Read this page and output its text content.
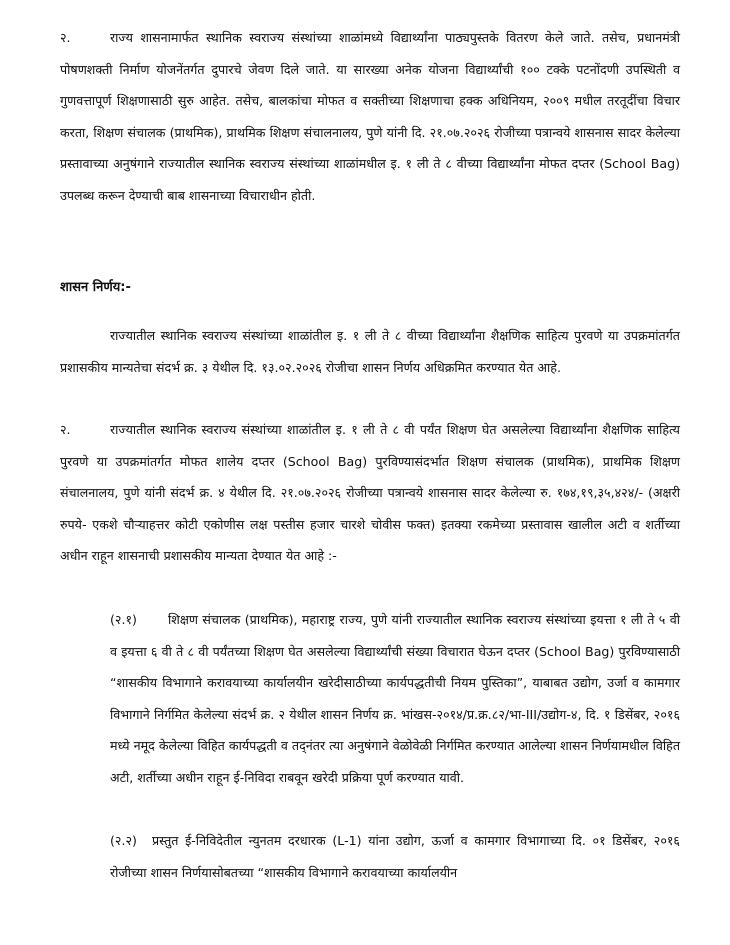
२.	राज्य शासनामार्फत स्थानिक स्वराज्य संस्थांच्या शाळांमध्ये विद्यार्थ्यांना पाठ्यपुस्तके वितरण केले जाते. तसेच, प्रधानमंत्री पोषणशक्ती निर्माण योजनेंतर्गत दुपारचे जेवण दिले जाते. या सारख्या अनेक योजना विद्यार्थ्यांची १०० टक्के पटनोंदणी उपस्थिती व गुणवत्तापूर्ण शिक्षणासाठी सुरु आहेत. तसेच, बालकांचा मोफत व सक्तीच्या शिक्षणाचा हक्क अधिनियम, २००९ मधील तरतूदींचा विचार करता, शिक्षण संचालक (प्राथमिक), प्राथमिक शिक्षण संचालनालय, पुणे यांनी दि. २१.०७.२०२६ रोजीच्या पत्रान्वये शासनास सादर केलेल्या प्रस्तावाच्या अनुषंगाने राज्यातील स्थानिक स्वराज्य संस्थांच्या शाळांमधील इ. १ ली ते ८ वीच्या विद्यार्थ्यांना मोफत दप्तर (School Bag) उपलब्ध करून देण्याची बाब शासनाच्या विचाराधीन होती.

शासन निर्णय:-

राज्यातील स्थानिक स्वराज्य संस्थांच्या शाळांतील इ. १ ली ते ८ वीच्या विद्यार्थ्यांना शैक्षणिक साहित्य पुरवणे या उपक्रमांतर्गत प्रशासकीय मान्यतेचा संदर्भ क्र. ३ येथील दि. १३.०२.२०२६ रोजीचा शासन निर्णय अधिक्रमित करण्यात येत आहे.

२.	राज्यातील स्थानिक स्वराज्य संस्थांच्या शाळांतील इ. १ ली ते ८ वी पर्यंत शिक्षण घेत असलेल्या विद्यार्थ्यांना शैक्षणिक साहित्य पुरवणे या उपक्रमांतर्गत मोफत शालेय दप्तर (School Bag) पुरविण्यासंदर्भात शिक्षण संचालक (प्राथमिक), प्राथमिक शिक्षण संचालनालय, पुणे यांनी संदर्भ क्र. ४ येथील दि. २१.०७.२०२६ रोजीच्या पत्रान्वये शासनास सादर केलेल्या रु. १७४,१९,३५,४२४/- (अक्षरी रुपये- एकशे चौऱ्याहत्तर कोटी एकोणीस लक्ष पस्तीस हजार चारशे चोवीस फक्त) इतक्या रकमेच्या प्रस्तावास खालील अटी व शर्तीच्या अधीन राहून शासनाची प्रशासकीय मान्यता देण्यात येत आहे :-

(२.१) शिक्षण संचालक (प्राथमिक), महाराष्ट्र राज्य, पुणे यांनी राज्यातील स्थानिक स्वराज्य संस्थांच्या इयत्ता १ ली ते ५ वी व इयत्ता ६ वी ते ८ वी पर्यंतच्या शिक्षण घेत असलेल्या विद्यार्थ्यांची संख्या विचारात घेऊन दप्तर (School Bag) पुरविण्यासाठी “शासकीय विभागाने करावयाच्या कार्यालयीन खरेदीसाठीच्या कार्यपद्धतीची नियम पुस्तिका”, याबाबत उद्योग, उर्जा व कामगार विभागाने निर्गमित केलेल्या संदर्भ क्र. २ येथील शासन निर्णय क्र. भांखस-२०१४/प्र.क्र.८२/भा-III/उद्योग-४, दि. १ डिसेंबर, २०१६ मध्ये नमूद केलेल्या विहित कार्यपद्धती व तद्नंतर त्या अनुषंगाने वेळोवेळी निर्गमित करण्यात आलेल्या शासन निर्णयामधील विहित अटी, शर्तीच्या अधीन राहून ई-निविदा राबवून खरेदी प्रक्रिया पूर्ण करण्यात यावी.

(२.२) प्रस्तुत ई-निविदेतील न्युनतम दरधारक (L-1) यांना उद्योग, ऊर्जा व कामगार विभागाच्या दि. ०१ डिसेंबर, २०१६ रोजीच्या शासन निर्णयासोबतच्या “शासकीय विभागाने करावयाच्या कार्यालयीन
